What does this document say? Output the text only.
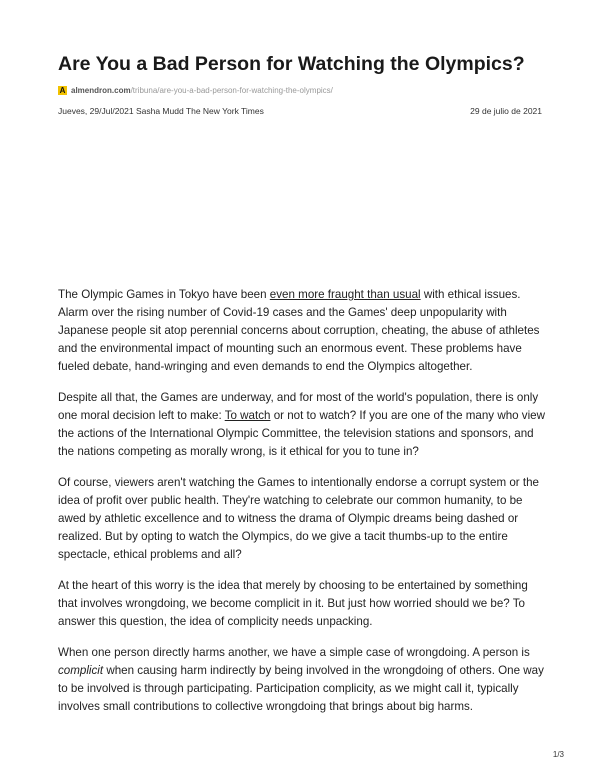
Are You a Bad Person for Watching the Olympics?
A almendron.com/tribuna/are-you-a-bad-person-for-watching-the-olympics/
Jueves, 29/Jul/2021 Sasha Mudd The New York Times	29 de julio de 2021

The Olympic Games in Tokyo have been even more fraught than usual with ethical issues. Alarm over the rising number of Covid-19 cases and the Games' deep unpopularity with Japanese people sit atop perennial concerns about corruption, cheating, the abuse of athletes and the environmental impact of mounting such an enormous event. These problems have fueled debate, hand-wringing and even demands to end the Olympics altogether.

Despite all that, the Games are underway, and for most of the world's population, there is only one moral decision left to make: To watch or not to watch? If you are one of the many who view the actions of the International Olympic Committee, the television stations and sponsors, and the nations competing as morally wrong, is it ethical for you to tune in?

Of course, viewers aren't watching the Games to intentionally endorse a corrupt system or the idea of profit over public health. They're watching to celebrate our common humanity, to be awed by athletic excellence and to witness the drama of Olympic dreams being dashed or realized. But by opting to watch the Olympics, do we give a tacit thumbs-up to the entire spectacle, ethical problems and all?

At the heart of this worry is the idea that merely by choosing to be entertained by something that involves wrongdoing, we become complicit in it. But just how worried should we be? To answer this question, the idea of complicity needs unpacking.

When one person directly harms another, we have a simple case of wrongdoing. A person is complicit when causing harm indirectly by being involved in the wrongdoing of others. One way to be involved is through participating. Participation complicity, as we might call it, typically involves small contributions to collective wrongdoing that brings about big harms.

1/3
